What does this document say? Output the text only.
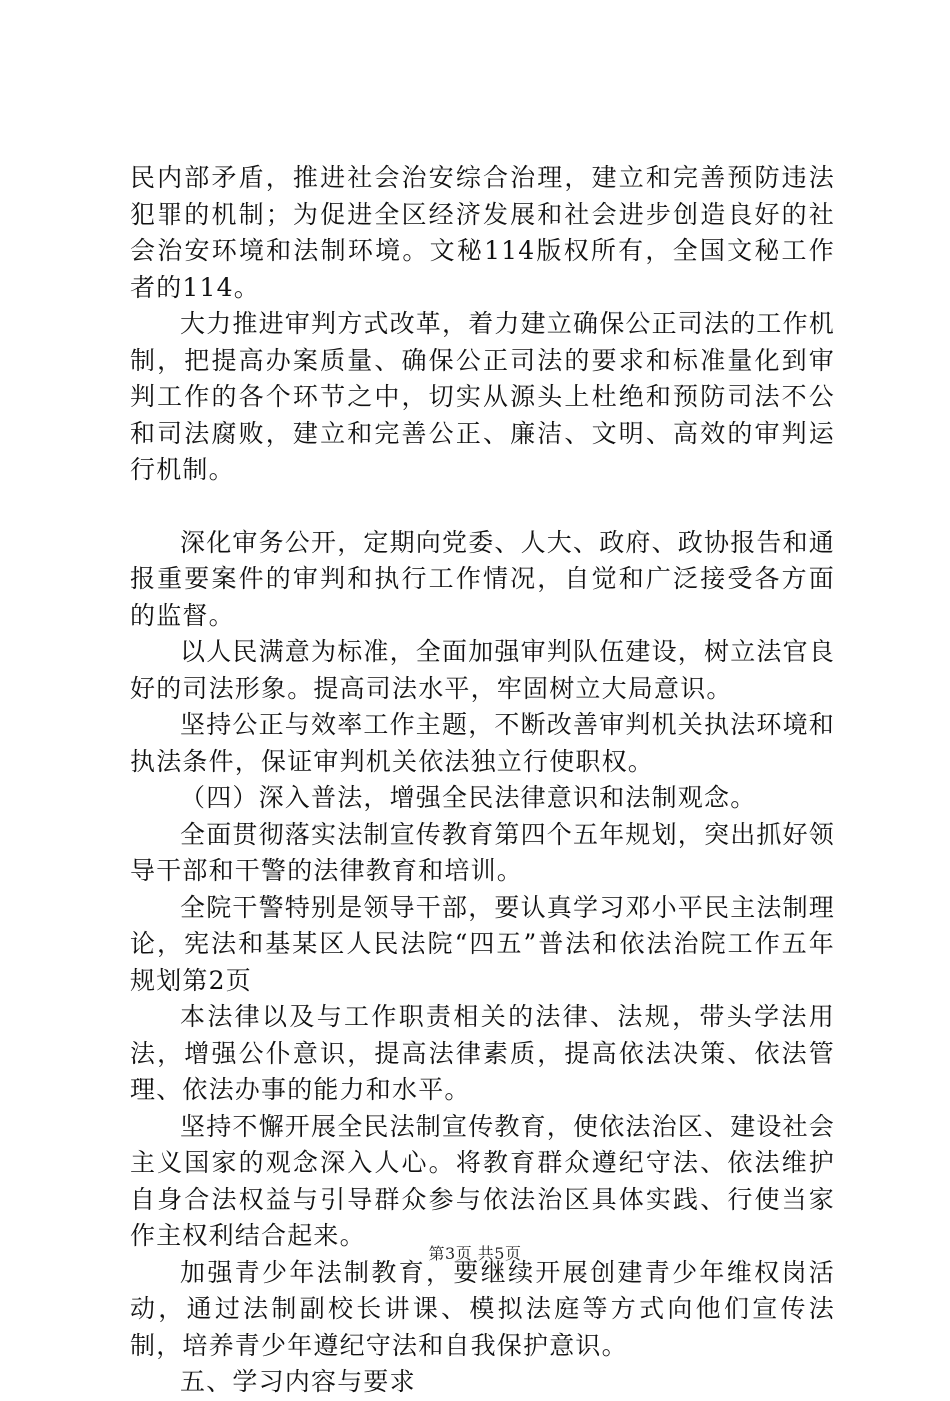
民内部矛盾，推进社会治安综合治理，建立和完善预防违法犯罪的机制；为促进全区经济发展和社会进步创造良好的社会治安环境和法制环境。文秘114版权所有，全国文秘工作者的114。

大力推进审判方式改革，着力建立确保公正司法的工作机制，把提高办案质量、确保公正司法的要求和标准量化到审判工作的各个环节之中，切实从源头上杜绝和预防司法不公和司法腐败，建立和完善公正、廉洁、文明、高效的审判运行机制。

深化审务公开，定期向党委、人大、政府、政协报告和通报重要案件的审判和执行工作情况，自觉和广泛接受各方面的监督。

以人民满意为标准，全面加强审判队伍建设，树立法官良好的司法形象。提高司法水平，牢固树立大局意识。

坚持公正与效率工作主题，不断改善审判机关执法环境和执法条件，保证审判机关依法独立行使职权。

（四）深入普法，增强全民法律意识和法制观念。

全面贯彻落实法制宣传教育第四个五年规划，突出抓好领导干部和干警的法律教育和培训。

全院干警特别是领导干部，要认真学习邓小平民主法制理论，宪法和基某区人民法院“四五”普法和依法治院工作五年规划第2页

本法律以及与工作职责相关的法律、法规，带头学法用法，增强公仆意识，提高法律素质，提高依法决策、依法管理、依法办事的能力和水平。

坚持不懈开展全民法制宣传教育，使依法治区、建设社会主义国家的观念深入人心。将教育群众遵纪守法、依法维护自身合法权益与引导群众参与依法治区具体实践、行使当家作主权利结合起来。

加强青少年法制教育，要继续开展创建青少年维权岗活动，通过法制副校长讲课、模拟法庭等方式向他们宣传法制，培养青少年遵纪守法和自我保护意识。

五、学习内容与要求

第3页 共5页
